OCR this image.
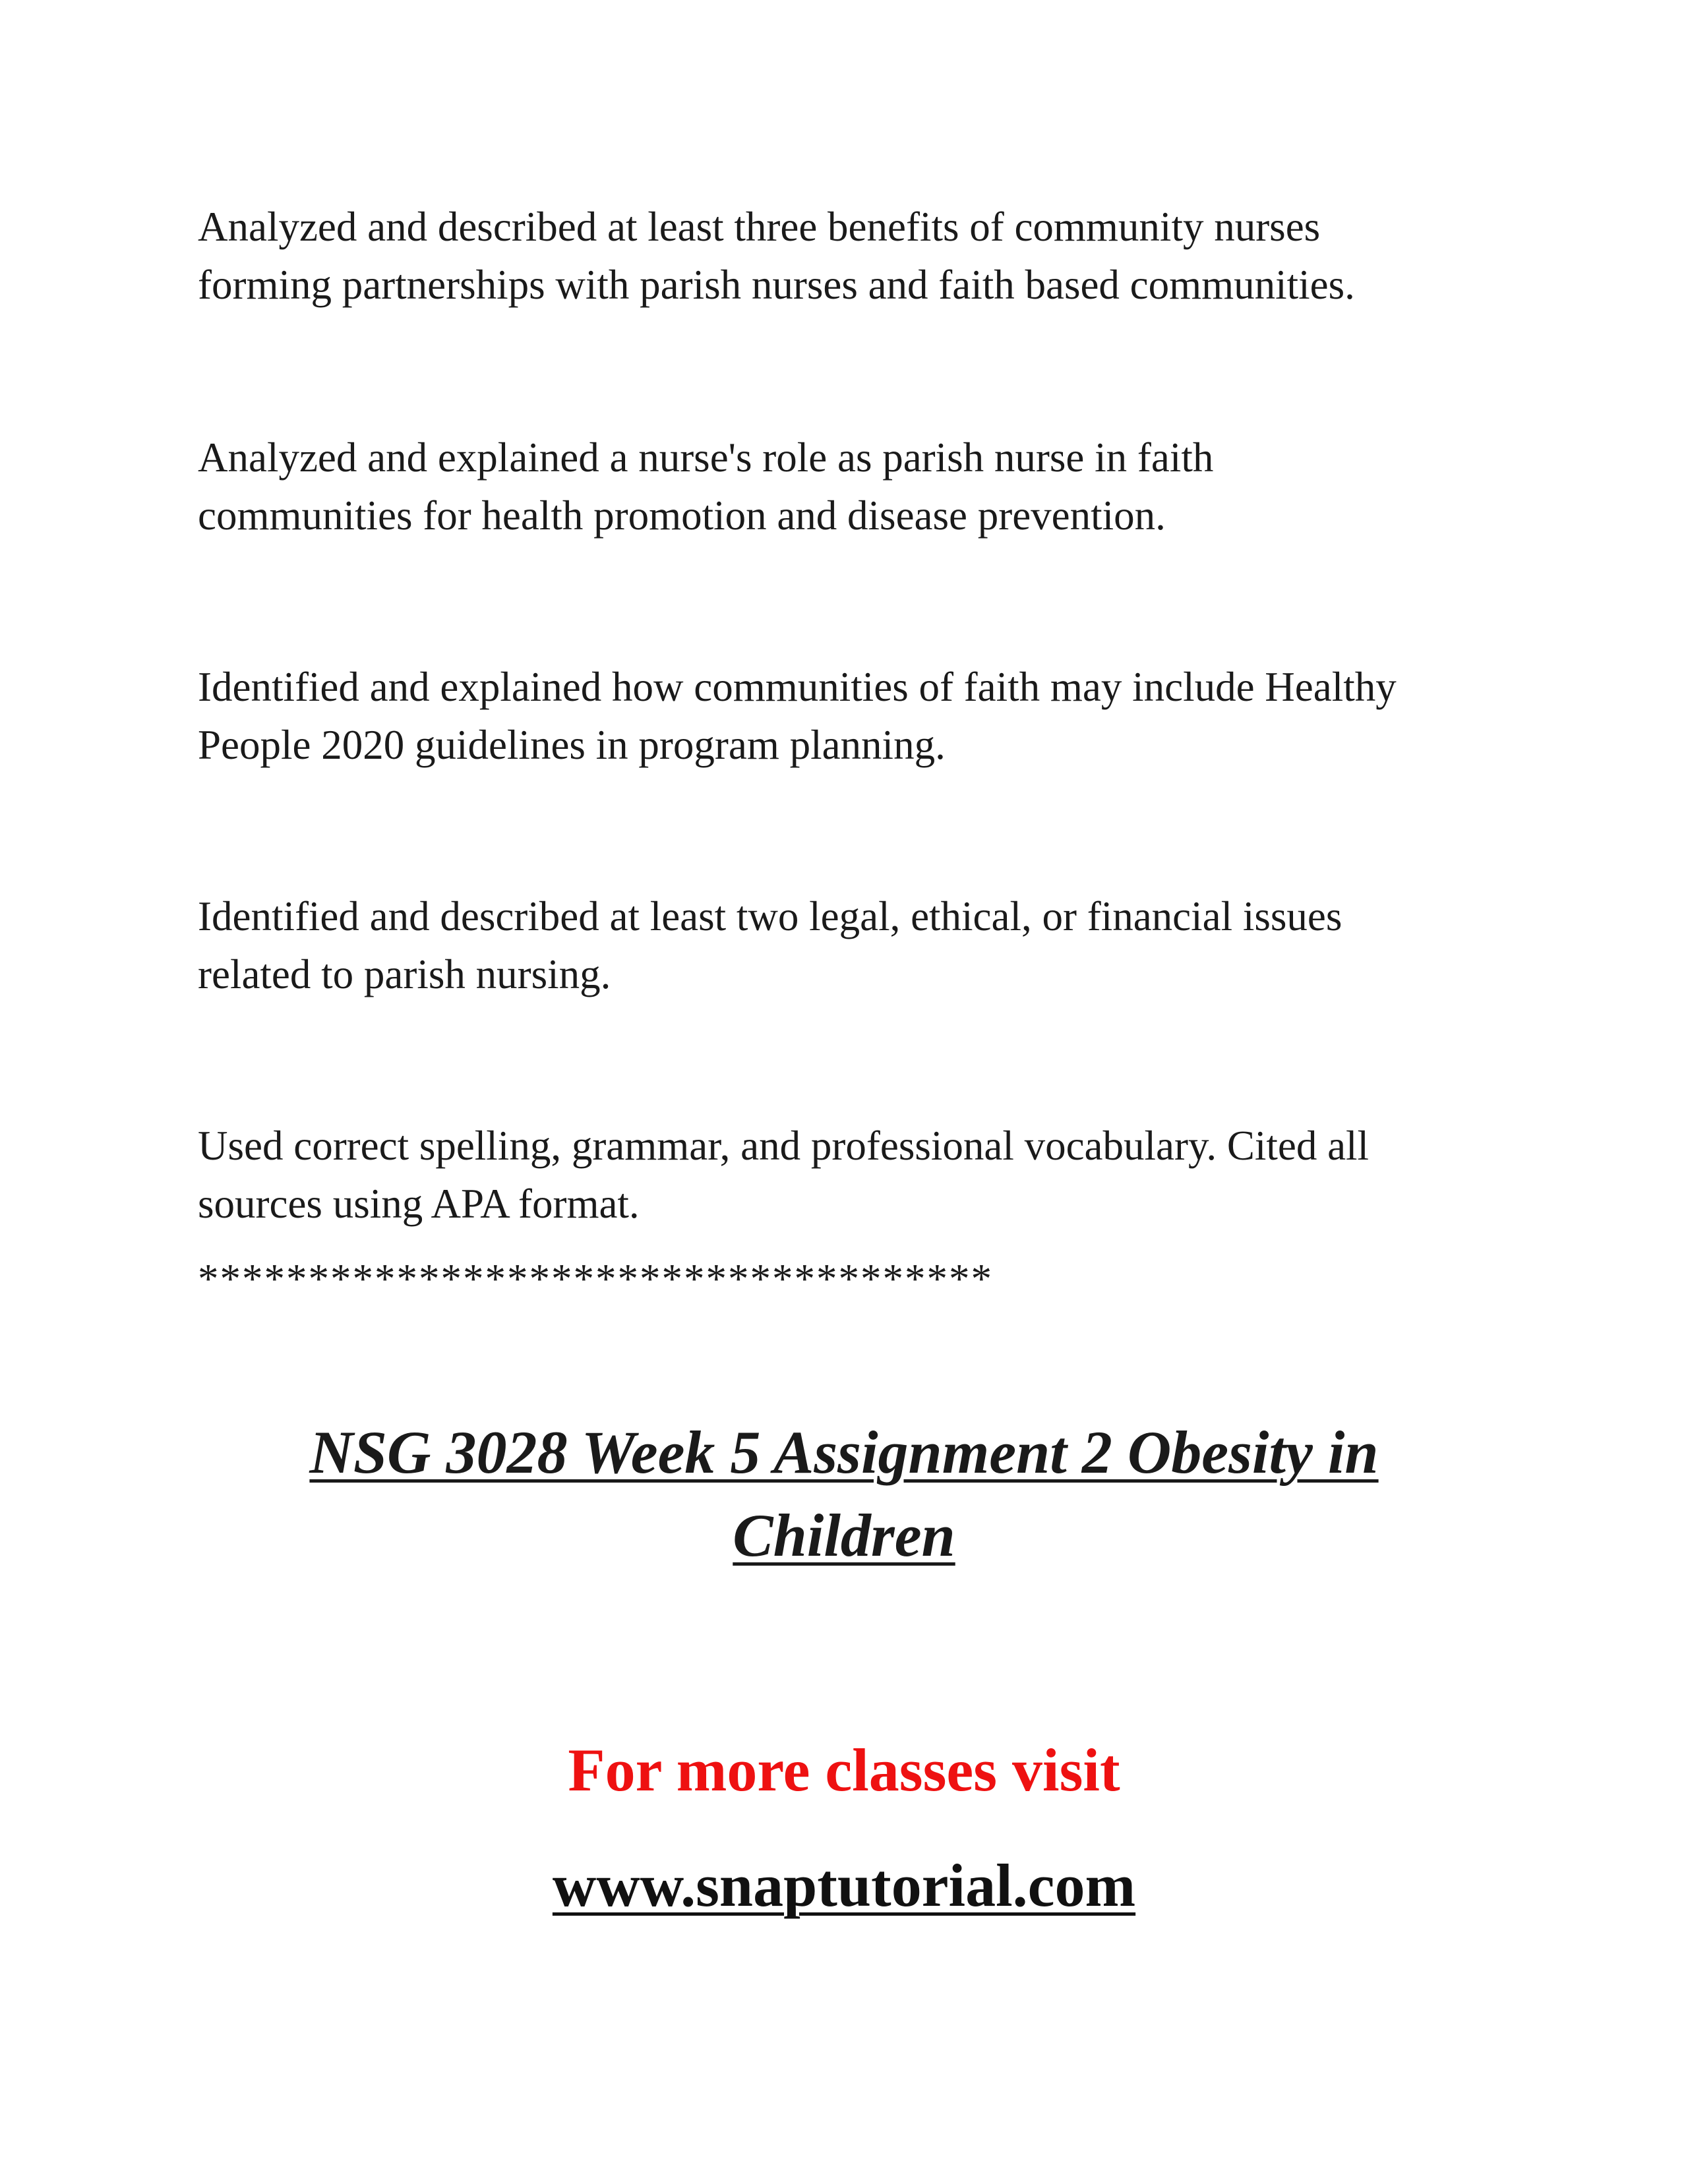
Analyzed and described at least three benefits of community nurses
forming partnerships with parish nurses and faith based communities.

Analyzed and explained a nurse's role as parish nurse in faith
communities for health promotion and disease prevention.

Identified and explained how communities of faith may include Healthy
People 2020 guidelines in program planning.

Identified and described at least two legal, ethical, or financial issues
related to parish nursing.

Used correct spelling, grammar, and professional vocabulary. Cited all
sources using APA format.

************************************
NSG 3028 Week 5 Assignment 2 Obesity in
Children
For more classes visit
www.snaptutorial.com
